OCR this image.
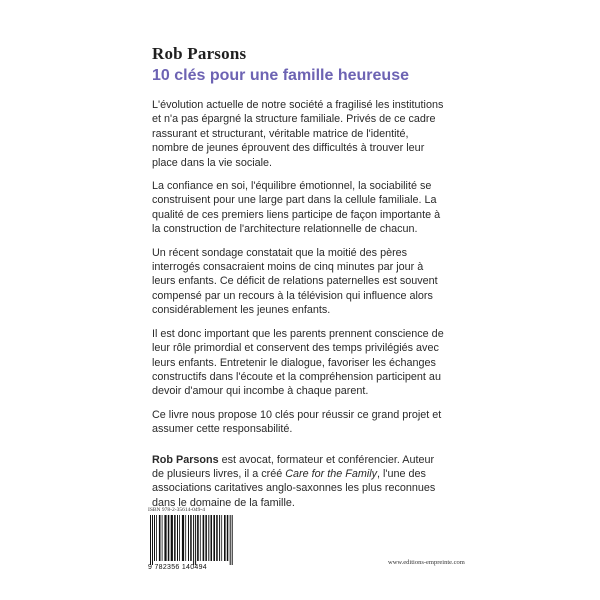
Rob Parsons
10 clés pour une famille heureuse

L'évolution actuelle de notre société a fragilisé les institutions et n'a pas épargné la structure familiale. Privés de ce cadre rassurant et structurant, véritable matrice de l'identité, nombre de jeunes éprouvent des difficultés à trouver leur place dans la vie sociale.

La confiance en soi, l'équilibre émotionnel, la sociabilité se construisent pour une large part dans la cellule familiale. La qualité de ces premiers liens participe de façon importante à la construction de l'architecture relationnelle de chacun.

Un récent sondage constatait que la moitié des pères interrogés consacraient moins de cinq minutes par jour à leurs enfants. Ce déficit de relations paternelles est souvent compensé par un recours à la télévision qui influence alors considérablement les jeunes enfants.

Il est donc important que les parents prennent conscience de leur rôle primordial et conservent des temps privilégiés avec leurs enfants. Entretenir le dialogue, favoriser les échanges constructifs dans l'écoute et la compréhension participent au devoir d'amour qui incombe à chaque parent.

Ce livre nous propose 10 clés pour réussir ce grand projet et assumer cette responsabilité.

Rob Parsons est avocat, formateur et conférencier. Auteur de plusieurs livres, il a créé Care for the Family, l'une des associations caritatives anglo-saxonnes les plus reconnues dans le domaine de la famille.

ISBN 978-2-35614-049-4
9 782356 140494
www.editions-empreinte.com
